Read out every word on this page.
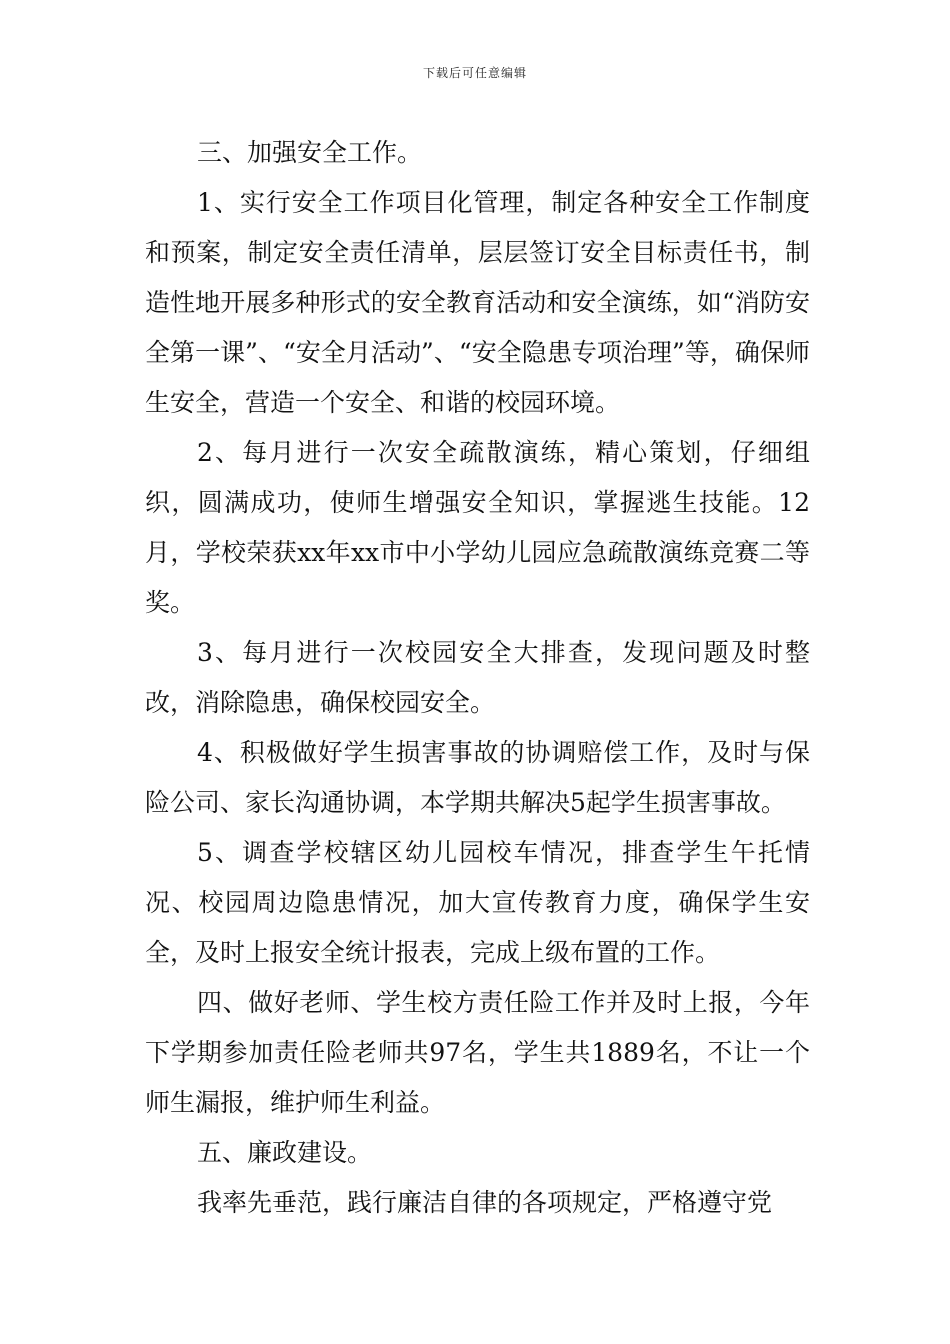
下载后可任意编辑

三、加强安全工作。

1、实行安全工作项目化管理，制定各种安全工作制度和预案，制定安全责任清单，层层签订安全目标责任书，制造性地开展多种形式的安全教育活动和安全演练，如“消防安全第一课”、“安全月活动”、“安全隐患专项治理”等，确保师生安全，营造一个安全、和谐的校园环境。

2、每月进行一次安全疏散演练，精心策划，仔细组织，圆满成功，使师生增强安全知识，掌握逃生技能。12月，学校荣获xx年xx市中小学幼儿园应急疏散演练竞赛二等奖。

3、每月进行一次校园安全大排查，发现问题及时整改，消除隐患，确保校园安全。

4、积极做好学生损害事故的协调赔偿工作，及时与保险公司、家长沟通协调，本学期共解决5起学生损害事故。

5、调查学校辖区幼儿园校车情况，排查学生午托情况、校园周边隐患情况，加大宣传教育力度，确保学生安全，及时上报安全统计报表，完成上级布置的工作。

四、做好老师、学生校方责任险工作并及时上报，今年下学期参加责任险老师共97名，学生共1889名，不让一个师生漏报，维护师生利益。

五、廉政建设。

我率先垂范，践行廉洁自律的各项规定，严格遵守党
